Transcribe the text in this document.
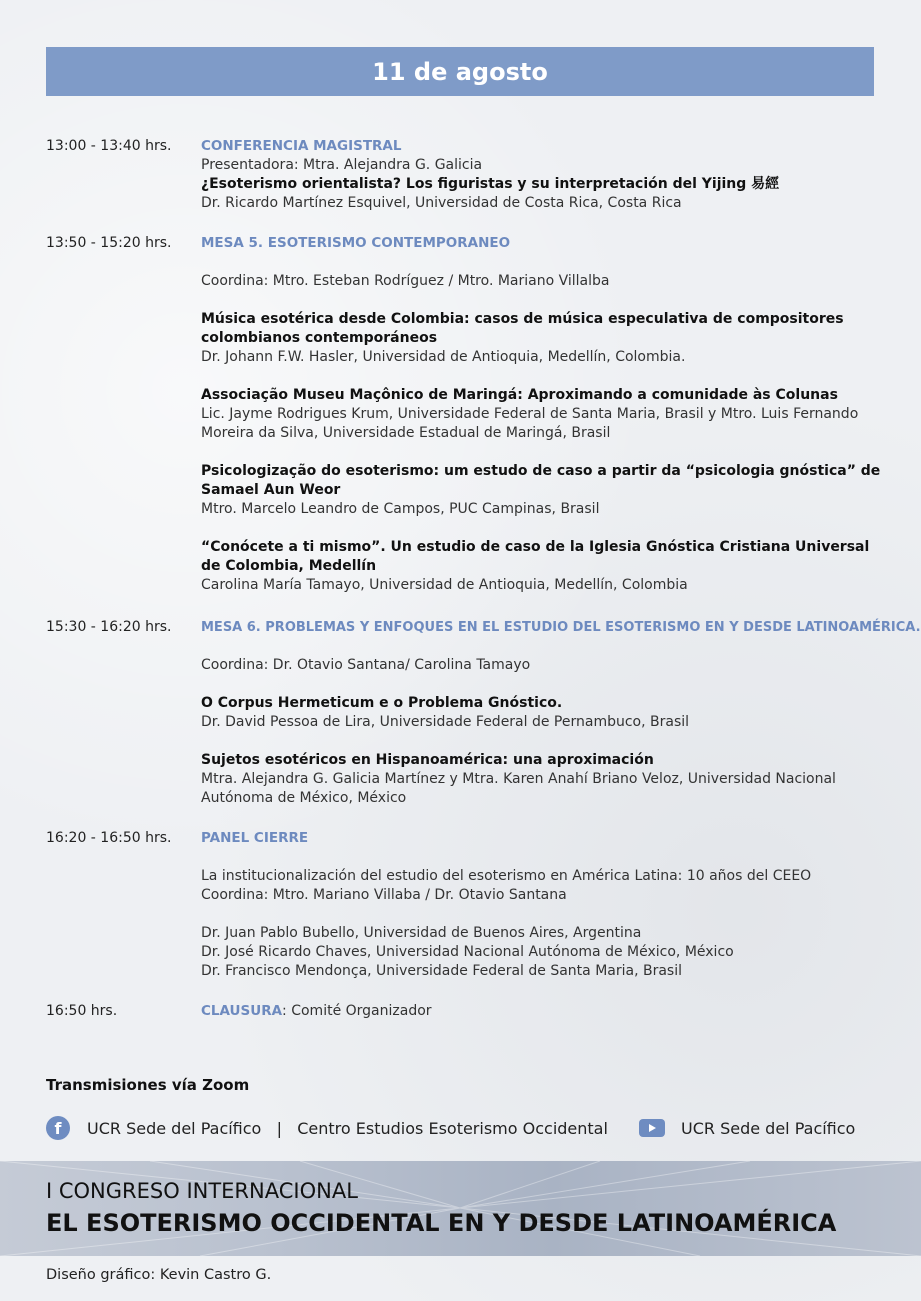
11 de agosto
13:00 - 13:40 hrs.	CONFERENCIA MAGISTRAL
Presentadora: Mtra. Alejandra G. Galicia
¿Esoterismo orientalista? Los figuristas y su interpretación del Yijing 易經
Dr. Ricardo Martínez Esquivel, Universidad de Costa Rica, Costa Rica
13:50 - 15:20 hrs.	MESA 5. ESOTERISMO CONTEMPORANEO
Coordina: Mtro. Esteban Rodríguez / Mtro. Mariano Villalba
Música esotérica desde Colombia: casos de música especulativa de compositores colombianos contemporáneos
Dr. Johann F.W. Hasler, Universidad de Antioquia, Medellín, Colombia.
Associação Museu Maçônico de Maringá: Aproximando a comunidade às Colunas
Lic. Jayme Rodrigues Krum, Universidade Federal de Santa Maria, Brasil y Mtro. Luis Fernando Moreira da Silva, Universidade Estadual de Maringá, Brasil
Psicologização do esoterismo: um estudo de caso a partir da “psicologia gnóstica” de Samael Aun Weor
Mtro. Marcelo Leandro de Campos, PUC Campinas, Brasil
“Conócete a ti mismo”. Un estudio de caso de la Iglesia Gnóstica Cristiana Universal de Colombia, Medellín
Carolina María Tamayo, Universidad de Antioquia, Medellín, Colombia
15:30 - 16:20 hrs.	MESA 6. PROBLEMAS Y ENFOQUES EN EL ESTUDIO DEL ESOTERISMO EN Y DESDE LATINOAMÉRICA.
Coordina: Dr. Otavio Santana/ Carolina Tamayo
O Corpus Hermeticum e o Problema Gnóstico.
Dr. David Pessoa de Lira, Universidade Federal de Pernambuco, Brasil
Sujetos esotéricos en Hispanoamérica: una aproximación
Mtra. Alejandra G. Galicia Martínez y Mtra. Karen Anahí Briano Veloz, Universidad Nacional Autónoma de México, México
16:20 - 16:50 hrs.	PANEL CIERRE
La institucionalización del estudio del esoterismo en América Latina: 10 años del CEEO
Coordina: Mtro. Mariano Villaba / Dr. Otavio Santana
Dr. Juan Pablo Bubello, Universidad de Buenos Aires, Argentina
Dr. José Ricardo Chaves, Universidad Nacional Autónoma de México, México
Dr. Francisco Mendonça, Universidade Federal de Santa Maria, Brasil
16:50 hrs.	CLAUSURA: Comité Organizador
Transmisiones vía Zoom
f	UCR Sede del Pacífico   |   Centro Estudios Esoterismo Occidental	UCR Sede del Pacífico
I CONGRESO INTERNACIONAL
EL ESOTERISMO OCCIDENTAL EN Y DESDE LATINOAMÉRICA
Diseño gráfico: Kevin Castro G.
